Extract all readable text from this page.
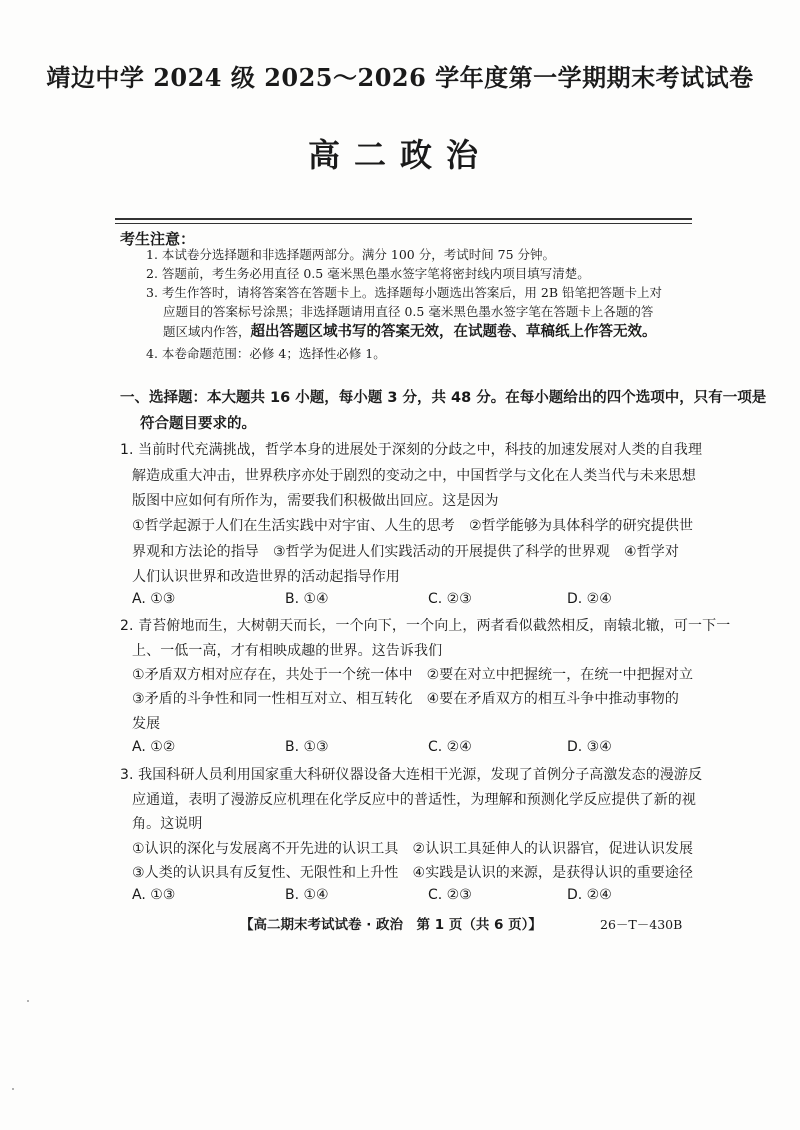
靖边中学 2024 级 2025～2026 学年度第一学期期末考试试卷
高二政治
考生注意：
1. 本试卷分选择题和非选择题两部分。满分 100 分，考试时间 75 分钟。
2. 答题前，考生务必用直径 0.5 毫米黑色墨水签字笔将密封线内项目填写清楚。
3. 考生作答时，请将答案答在答题卡上。选择题每小题选出答案后，用 2B 铅笔把答题卡上对
应题目的答案标号涂黑；非选择题请用直径 0.5 毫米黑色墨水签字笔在答题卡上各题的答
题区域内作答，超出答题区域书写的答案无效，在试题卷、草稿纸上作答无效。
4. 本卷命题范围：必修 4；选择性必修 1。
一、选择题：本大题共 16 小题，每小题 3 分，共 48 分。在每小题给出的四个选项中，只有一项是
符合题目要求的。
1. 当前时代充满挑战，哲学本身的进展处于深刻的分歧之中，科技的加速发展对人类的自我理
解造成重大冲击，世界秩序亦处于剧烈的变动之中，中国哲学与文化在人类当代与未来思想
版图中应如何有所作为，需要我们积极做出回应。这是因为
①哲学起源于人们在生活实践中对宇宙、人生的思考　②哲学能够为具体科学的研究提供世
界观和方法论的指导　③哲学为促进人们实践活动的开展提供了科学的世界观　④哲学对
人们认识世界和改造世界的活动起指导作用
A. ①③	B. ①④	C. ②③	D. ②④
2. 青苔俯地而生，大树朝天而长，一个向下，一个向上，两者看似截然相反，南辕北辙，可一下一
上、一低一高，才有相映成趣的世界。这告诉我们
①矛盾双方相对应存在，共处于一个统一体中　②要在对立中把握统一，在统一中把握对立
③矛盾的斗争性和同一性相互对立、相互转化　④要在矛盾双方的相互斗争中推动事物的
发展
A. ①②	B. ①③	C. ②④	D. ③④
3. 我国科研人员利用国家重大科研仪器设备大连相干光源，发现了首例分子高激发态的漫游反
应通道，表明了漫游反应机理在化学反应中的普适性，为理解和预测化学反应提供了新的视
角。这说明
①认识的深化与发展离不开先进的认识工具　②认识工具延伸人的认识器官，促进认识发展
③人类的认识具有反复性、无限性和上升性　④实践是认识的来源，是获得认识的重要途径
A. ①③	B. ①④	C. ②③	D. ②④
【高二期末考试试卷 · 政治　第 1 页（共 6 页）】	26－T－430B
